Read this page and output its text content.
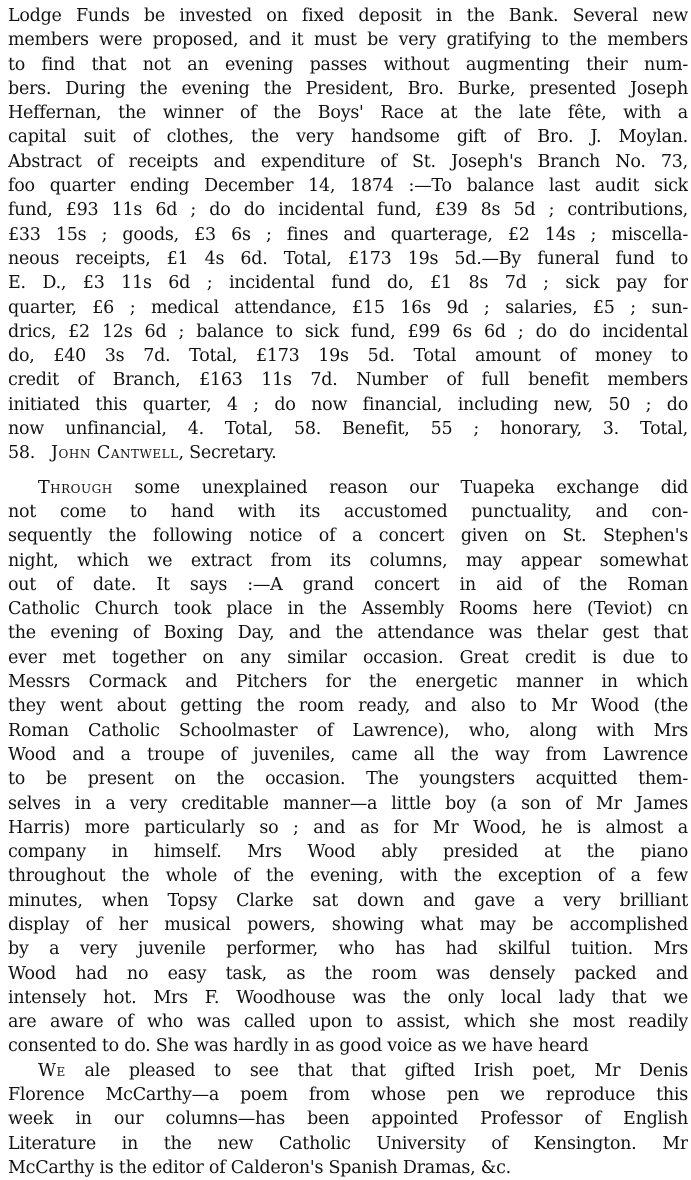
Lodge Funds be invested on fixed deposit in the Bank. Several new
members were proposed, and it must be very gratifying to the members
to find that not an evening passes without augmenting their num-
bers. During the evening the President, Bro. Burke, presented Joseph
Heffernan, the winner of the Boys' Race at the late fête, with a
capital suit of clothes, the very handsome gift of Bro. J. Moylan.
Abstract of receipts and expenditure of St. Joseph's Branch No. 73,
foo quarter ending December 14, 1874 :—To balance last audit sick
fund, £93 11s 6d ; do do incidental fund, £39 8s 5d ; contributions,
£33 15s ; goods, £3 6s ; fines and quarterage, £2 14s ; miscella-
neous receipts, £1 4s 6d. Total, £173 19s 5d.—By funeral fund to
E. D., £3 11s 6d ; incidental fund do, £1 8s 7d ; sick pay for
quarter, £6 ; medical attendance, £15 16s 9d ; salaries, £5 ; sun-
drics, £2 12s 6d ; balance to sick fund, £99 6s 6d ; do do incidental
do, £40 3s 7d. Total, £173 19s 5d. Total amount of money to
credit of Branch, £163 11s 7d. Number of full benefit members
initiated this quarter, 4 ; do now financial, including new, 50 ; do
now unfinancial, 4. Total, 58. Benefit, 55 ; honorary, 3. Total,
58. John Cantwell, Secretary.
Through some unexplained reason our Tuapeka exchange did
not come to hand with its accustomed punctuality, and con-
sequently the following notice of a concert given on St. Stephen's
night, which we extract from its columns, may appear somewhat
out of date. It says :—A grand concert in aid of the Roman
Catholic Church took place in the Assembly Rooms here (Teviot) cn
the evening of Boxing Day, and the attendance was thelar gest that
ever met together on any similar occasion. Great credit is due to
Messrs Cormack and Pitchers for the energetic manner in which
they went about getting the room ready, and also to Mr Wood (the
Roman Catholic Schoolmaster of Lawrence), who, along with Mrs
Wood and a troupe of juveniles, came all the way from Lawrence
to be present on the occasion. The youngsters acquitted them-
selves in a very creditable manner—a little boy (a son of Mr James
Harris) more particularly so ; and as for Mr Wood, he is almost a
company in himself. Mrs Wood ably presided at the piano
throughout the whole of the evening, with the exception of a few
minutes, when Topsy Clarke sat down and gave a very brilliant
display of her musical powers, showing what may be accomplished
by a very juvenile performer, who has had skilful tuition. Mrs
Wood had no easy task, as the room was densely packed and
intensely hot. Mrs F. Woodhouse was the only local lady that we
are aware of who was called upon to assist, which she most readily
consented to do. She was hardly in as good voice as we have heard
We ale pleased to see that that gifted Irish poet, Mr Denis
Florence McCarthy—a poem from whose pen we reproduce this
week in our columns—has been appointed Professor of English
Literature in the new Catholic University of Kensington. Mr
McCarthy is the editor of Calderon's Spanish Dramas, &c.
